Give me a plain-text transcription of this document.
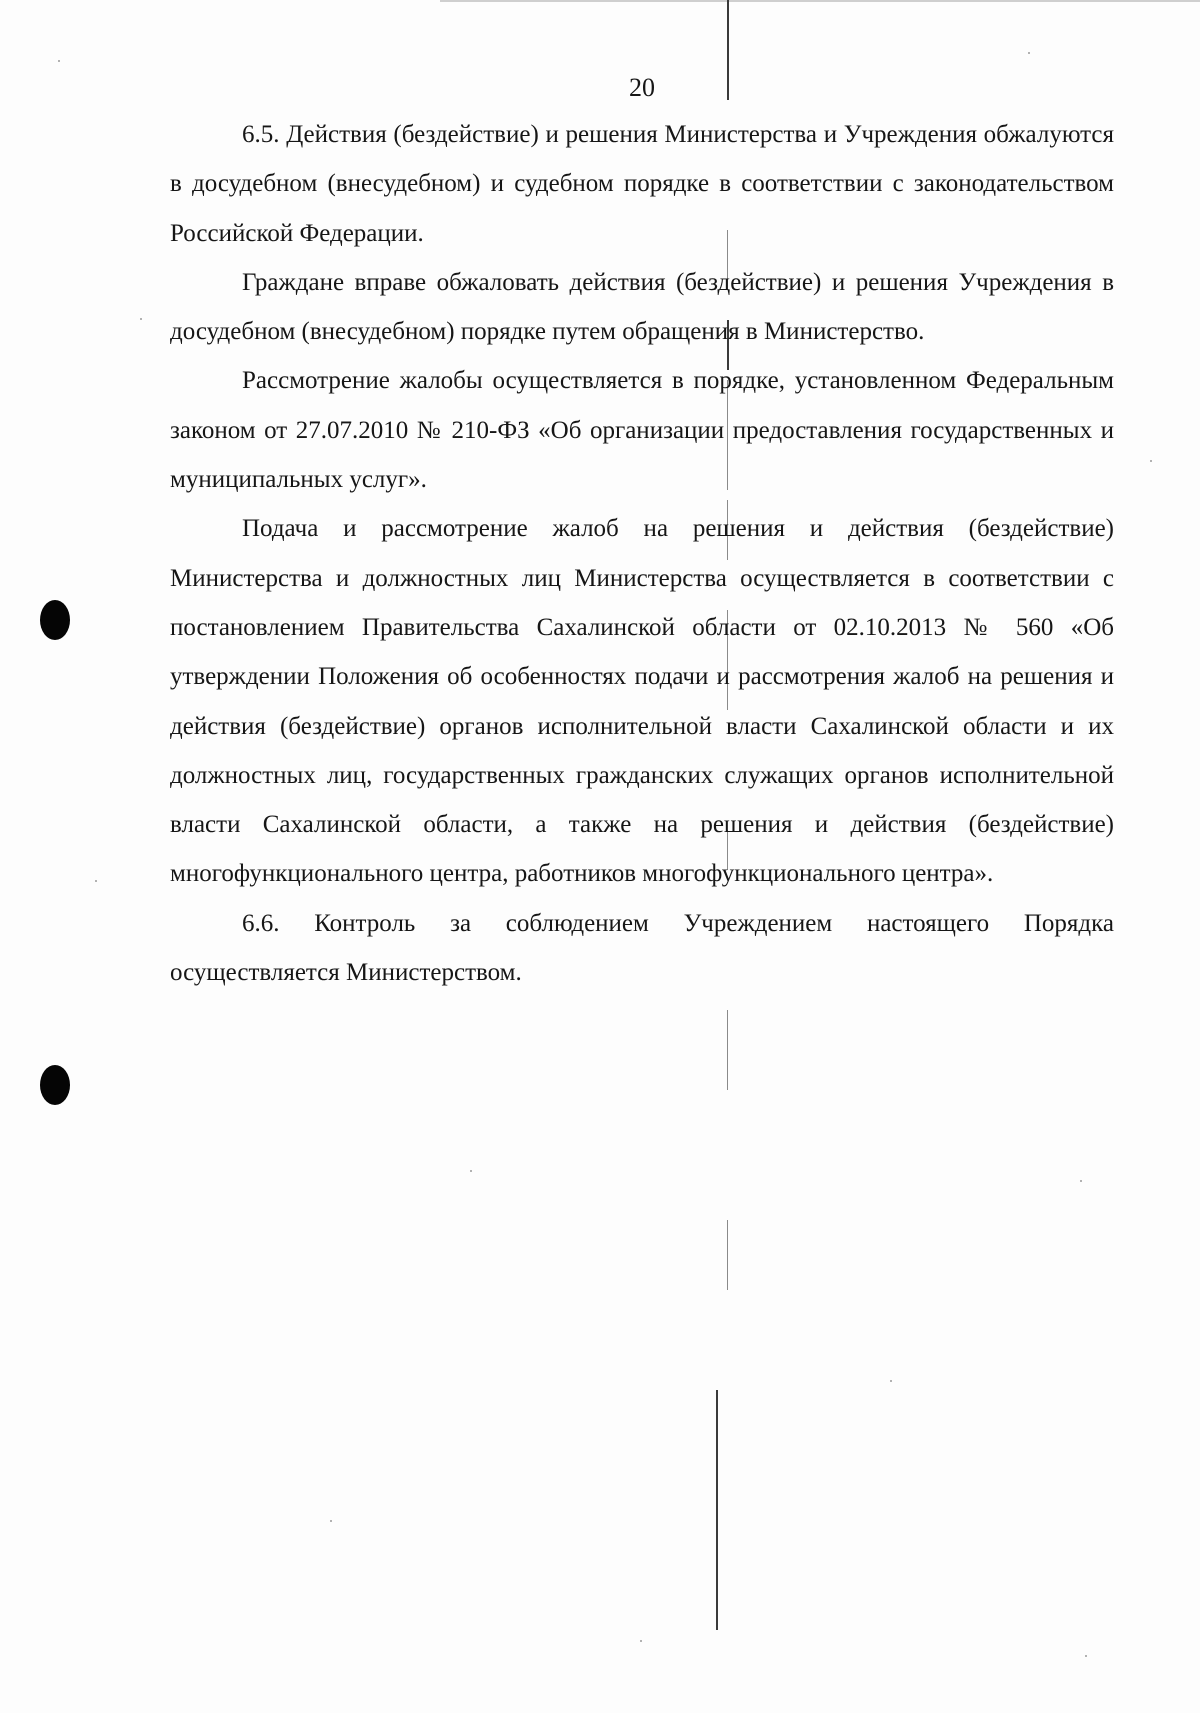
20

6.5. Действия (бездействие) и решения Министерства и Учреждения обжалуются в досудебном (внесудебном) и судебном порядке в соответствии с законодательством Российской Федерации.

Граждане вправе обжаловать действия (бездействие) и решения Учреждения в досудебном (внесудебном) порядке путем обращения в Министерство.

Рассмотрение жалобы осуществляется в порядке, установленном Федеральным законом от 27.07.2010 № 210-ФЗ «Об организации предоставления государственных и муниципальных услуг».

Подача и рассмотрение жалоб на решения и действия (бездействие) Министерства и должностных лиц Министерства осуществляется в соответствии с постановлением Правительства Сахалинской области от 02.10.2013 № 560 «Об утверждении Положения об особенностях подачи и рассмотрения жалоб на решения и действия (бездействие) органов исполнительной власти Сахалинской области и их должностных лиц, государственных гражданских служащих органов исполнительной власти Сахалинской области, а также на решения и действия (бездействие) многофункционального центра, работников многофункционального центра».

6.6. Контроль за соблюдением Учреждением настоящего Порядка осуществляется Министерством.
